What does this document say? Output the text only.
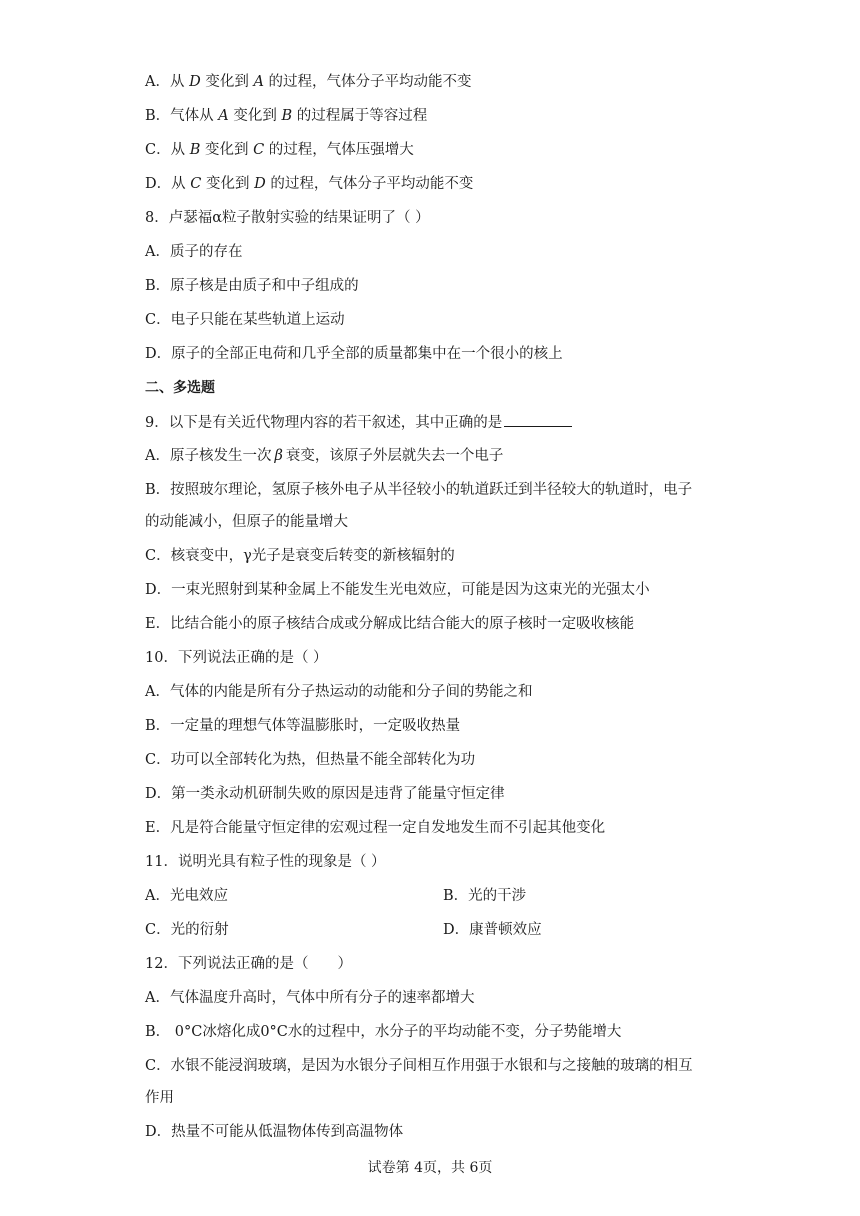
A．从 D 变化到 A 的过程，气体分子平均动能不变
B．气体从 A 变化到 B 的过程属于等容过程
C．从 B 变化到 C 的过程，气体压强增大
D．从 C 变化到 D 的过程，气体分子平均动能不变
8．卢瑟福α粒子散射实验的结果证明了（ ）
A．质子的存在
B．原子核是由质子和中子组成的
C．电子只能在某些轨道上运动
D．原子的全部正电荷和几乎全部的质量都集中在一个很小的核上
二、多选题
9．以下是有关近代物理内容的若干叙述，其中正确的是
A．原子核发生一次 β 衰变，该原子外层就失去一个电子
B．按照玻尔理论，氢原子核外电子从半径较小的轨道跃迁到半径较大的轨道时，电子
的动能减小，但原子的能量增大
C．核衰变中，γ光子是衰变后转变的新核辐射的
D．一束光照射到某种金属上不能发生光电效应，可能是因为这束光的光强太小
E．比结合能小的原子核结合成或分解成比结合能大的原子核时一定吸收核能
10．下列说法正确的是（ ）
A．气体的内能是所有分子热运动的动能和分子间的势能之和
B．一定量的理想气体等温膨胀时，一定吸收热量
C．功可以全部转化为热，但热量不能全部转化为功
D．第一类永动机研制失败的原因是违背了能量守恒定律
E．凡是符合能量守恒定律的宏观过程一定自发地发生而不引起其他变化
11．说明光具有粒子性的现象是（ ）
A．光电效应	B．光的干涉
C．光的衍射	D．康普顿效应
12．下列说法正确的是（　　）
A．气体温度升高时，气体中所有分子的速率都增大
B． 0°C冰熔化成0°C水的过程中，水分子的平均动能不变，分子势能增大
C．水银不能浸润玻璃，是因为水银分子间相互作用强于水银和与之接触的玻璃的相互
作用
D．热量不可能从低温物体传到高温物体
试卷第 4页，共 6页
